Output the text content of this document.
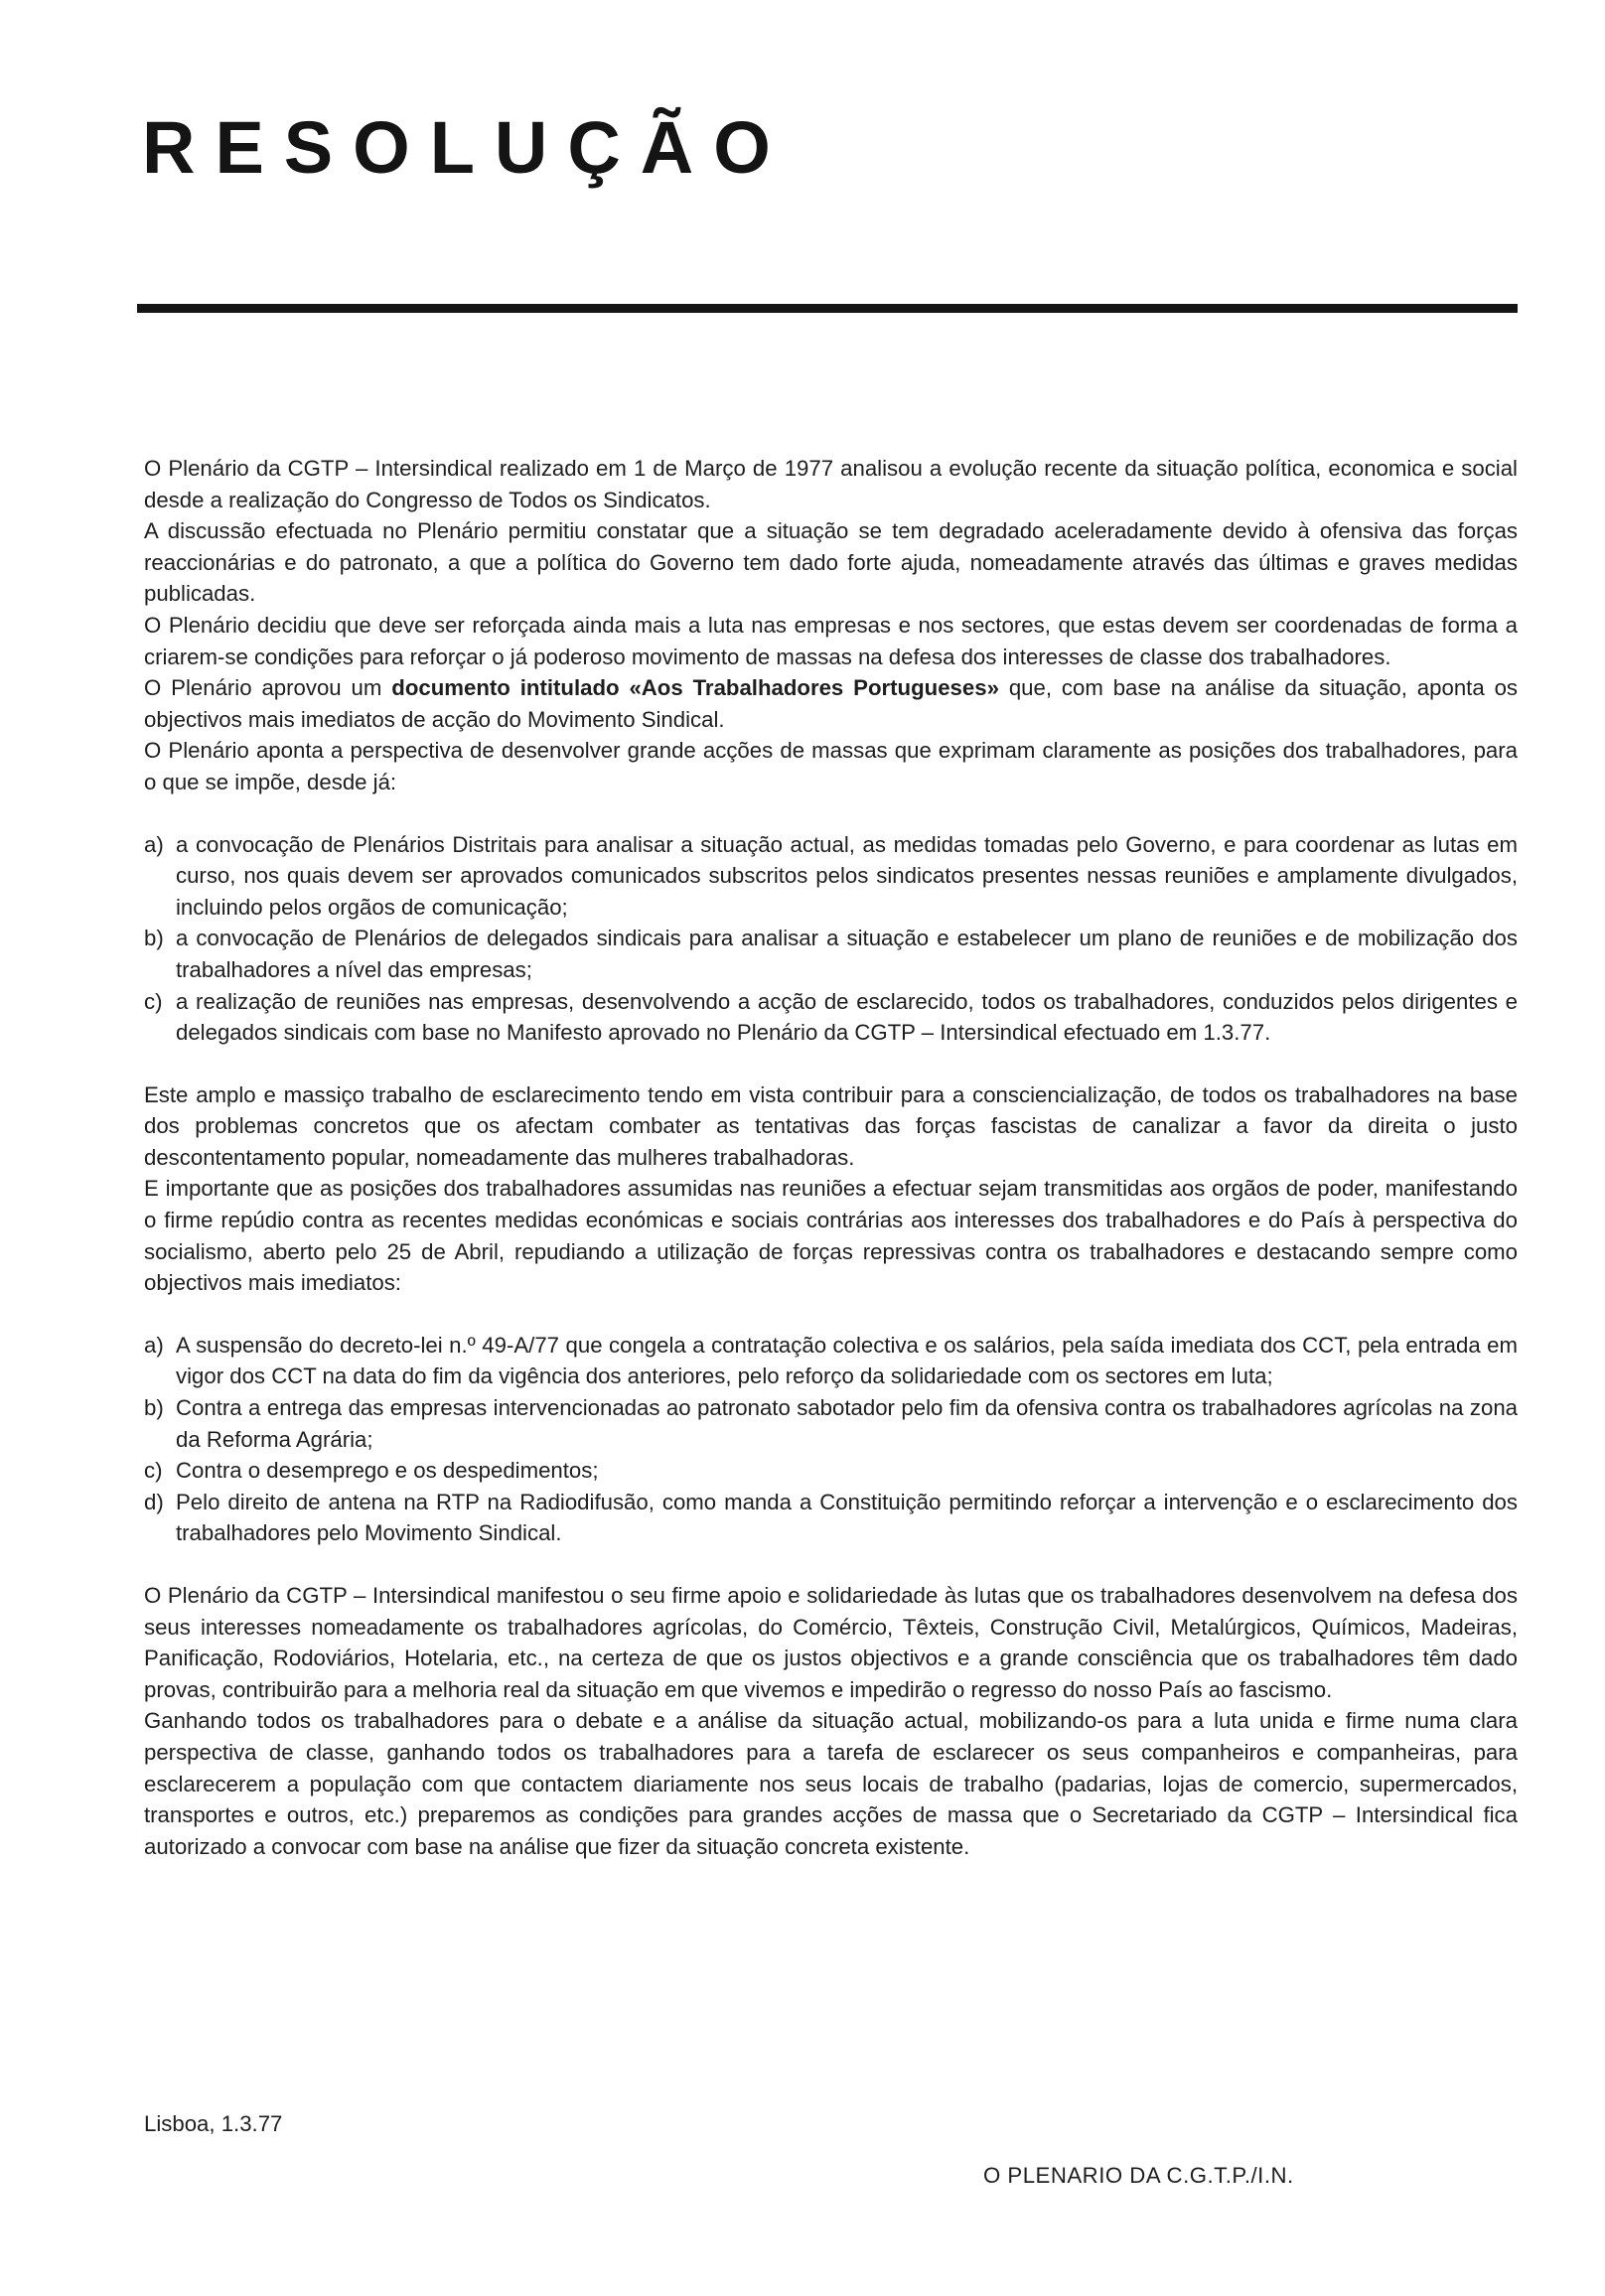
RESOLUÇÃO

O Plenário da CGTP – Intersindical realizado em 1 de Março de 1977 analisou a evolução recente da situação política, economica e social desde a realização do Congresso de Todos os Sindicatos.

A discussão efectuada no Plenário permitiu constatar que a situação se tem degradado aceleradamente devido à ofensiva das forças reaccionárias e do patronato, a que a política do Governo tem dado forte ajuda, nomeadamente através das últimas e graves medidas publicadas.

O Plenário decidiu que deve ser reforçada ainda mais a luta nas empresas e nos sectores, que estas devem ser coordenadas de forma a criarem-se condições para reforçar o já poderoso movimento de massas na defesa dos interesses de classe dos trabalhadores.

O Plenário aprovou um documento intitulado «Aos Trabalhadores Portugueses» que, com base na análise da situação, aponta os objectivos mais imediatos de acção do Movimento Sindical.

O Plenário aponta a perspectiva de desenvolver grande acções de massas que exprimam claramente as posições dos trabalhadores, para o que se impõe, desde já:

a) a convocação de Plenários Distritais para analisar a situação actual, as medidas tomadas pelo Governo, e para coordenar as lutas em curso, nos quais devem ser aprovados comunicados subscritos pelos sindicatos presentes nessas reuniões e amplamente divulgados, incluindo pelos orgãos de comunicação;
b) a convocação de Plenários de delegados sindicais para analisar a situação e estabelecer um plano de reuniões e de mobilização dos trabalhadores a nível das empresas;
c) a realização de reuniões nas empresas, desenvolvendo a acção de esclarecido, todos os trabalhadores, conduzidos pelos dirigentes e delegados sindicais com base no Manifesto aprovado no Plenário da CGTP – Intersindical efectuado em 1.3.77.

Este amplo e massiço trabalho de esclarecimento tendo em vista contribuir para a consciencialização, de todos os trabalhadores na base dos problemas concretos que os afectam combater as tentativas das forças fascistas de canalizar a favor da direita o justo descontentamento popular, nomeadamente das mulheres trabalhadoras.

E importante que as posições dos trabalhadores assumidas nas reuniões a efectuar sejam transmitidas aos orgãos de poder, manifestando o firme repúdio contra as recentes medidas económicas e sociais contrárias aos interesses dos trabalhadores e do País à perspectiva do socialismo, aberto pelo 25 de Abril, repudiando a utilização de forças repressivas contra os trabalhadores e destacando sempre como objectivos mais imediatos:

a) A suspensão do decreto-lei n.º 49-A/77 que congela a contratação colectiva e os salários, pela saída imediata dos CCT, pela entrada em vigor dos CCT na data do fim da vigência dos anteriores, pelo reforço da solidariedade com os sectores em luta;
b) Contra a entrega das empresas intervencionadas ao patronato sabotador pelo fim da ofensiva contra os trabalhadores agrícolas na zona da Reforma Agrária;
c) Contra o desemprego e os despedimentos;
d) Pelo direito de antena na RTP na Radiodifusão, como manda a Constituição permitindo reforçar a intervenção e o esclarecimento dos trabalhadores pelo Movimento Sindical.

O Plenário da CGTP – Intersindical manifestou o seu firme apoio e solidariedade às lutas que os trabalhadores desenvolvem na defesa dos seus interesses nomeadamente os trabalhadores agrícolas, do Comércio, Têxteis, Construção Civil, Metalúrgicos, Químicos, Madeiras, Panificação, Rodoviários, Hotelaria, etc., na certeza de que os justos objectivos e a grande consciência que os trabalhadores têm dado provas, contribuirão para a melhoria real da situação em que vivemos e impedirão o regresso do nosso País ao fascismo.

Ganhando todos os trabalhadores para o debate e a análise da situação actual, mobilizando-os para a luta unida e firme numa clara perspectiva de classe, ganhando todos os trabalhadores para a tarefa de esclarecer os seus companheiros e companheiras, para esclarecerem a população com que contactem diariamente nos seus locais de trabalho (padarias, lojas de comercio, supermercados, transportes e outros, etc.) preparemos as condições para grandes acções de massa que o Secretariado da CGTP – Intersindical fica autorizado a convocar com base na análise que fizer da situação concreta existente.

Lisboa, 1.3.77
O PLENARIO DA C.G.T.P./I.N.
